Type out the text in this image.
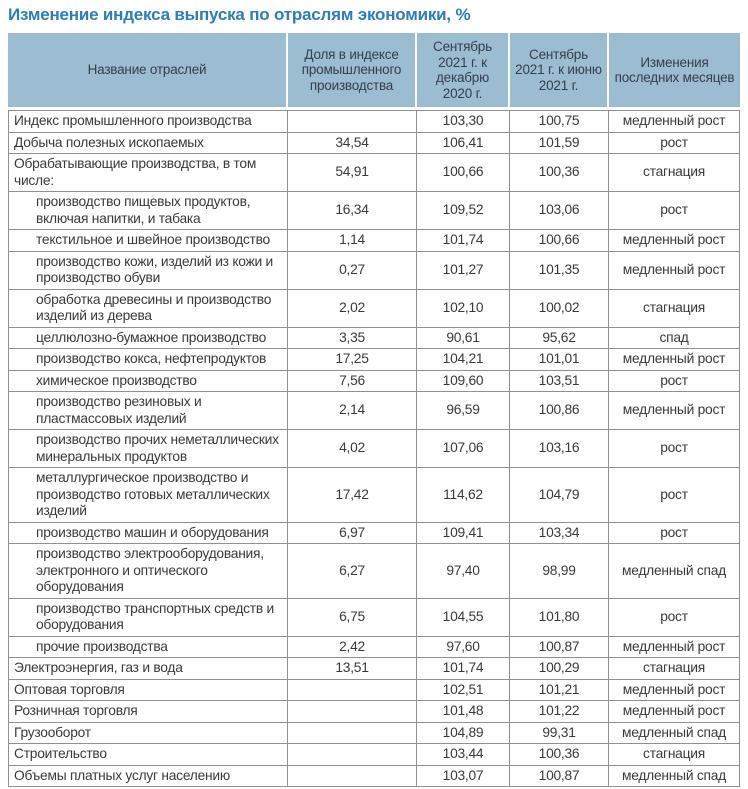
Изменение индекса выпуска по отраслям экономики, %
Название отраслей	Доля в индексе промышленного производства	Сентябрь 2021 г. к декабрю 2020 г.	Сентябрь 2021 г. к июню 2021 г.	Изменения последних месяцев
Индекс промышленного производства		103,30	100,75	медленный рост
Добыча полезных ископаемых	34,54	106,41	101,59	рост
Обрабатывающие производства, в том числе:	54,91	100,66	100,36	стагнация
производство пищевых продуктов, включая напитки, и табака	16,34	109,52	103,06	рост
текстильное и швейное производство	1,14	101,74	100,66	медленный рост
производство кожи, изделий из кожи и производство обуви	0,27	101,27	101,35	медленный рост
обработка древесины и производство изделий из дерева	2,02	102,10	100,02	стагнация
целлюлозно-бумажное производство	3,35	90,61	95,62	спад
производство кокса, нефтепродуктов	17,25	104,21	101,01	медленный рост
химическое производство	7,56	109,60	103,51	рост
производство резиновых и пластмассовых изделий	2,14	96,59	100,86	медленный рост
производство прочих неметаллических минеральных продуктов	4,02	107,06	103,16	рост
металлургическое производство и производство готовых металлических изделий	17,42	114,62	104,79	рост
производство машин и оборудования	6,97	109,41	103,34	рост
производство электрооборудования, электронного и оптического оборудования	6,27	97,40	98,99	медленный спад
производство транспортных средств и оборудования	6,75	104,55	101,80	рост
прочие производства	2,42	97,60	100,87	медленный рост
Электроэнергия, газ и вода	13,51	101,74	100,29	стагнация
Оптовая торговля		102,51	101,21	медленный рост
Розничная торговля		101,48	101,22	медленный рост
Грузооборот		104,89	99,31	медленный спад
Строительство		103,44	100,36	стагнация
Объемы платных услуг населению		103,07	100,87	медленный спад
